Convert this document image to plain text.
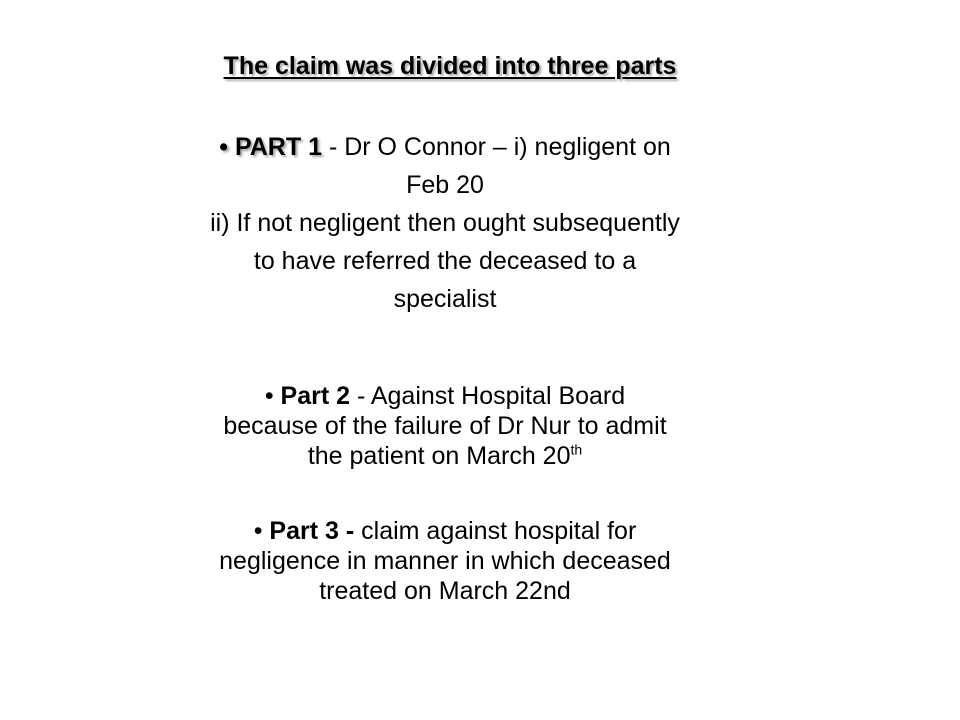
The claim was divided into three parts
• PART 1 - Dr O Connor – i) negligent on
Feb 20
ii) If not negligent then ought subsequently
to have referred the deceased to a
specialist
• Part 2 - Against Hospital Board
because of the failure of Dr Nur to admit
the patient on March 20th
• Part 3 - claim against hospital for
negligence in manner in which deceased
treated on March 22nd
